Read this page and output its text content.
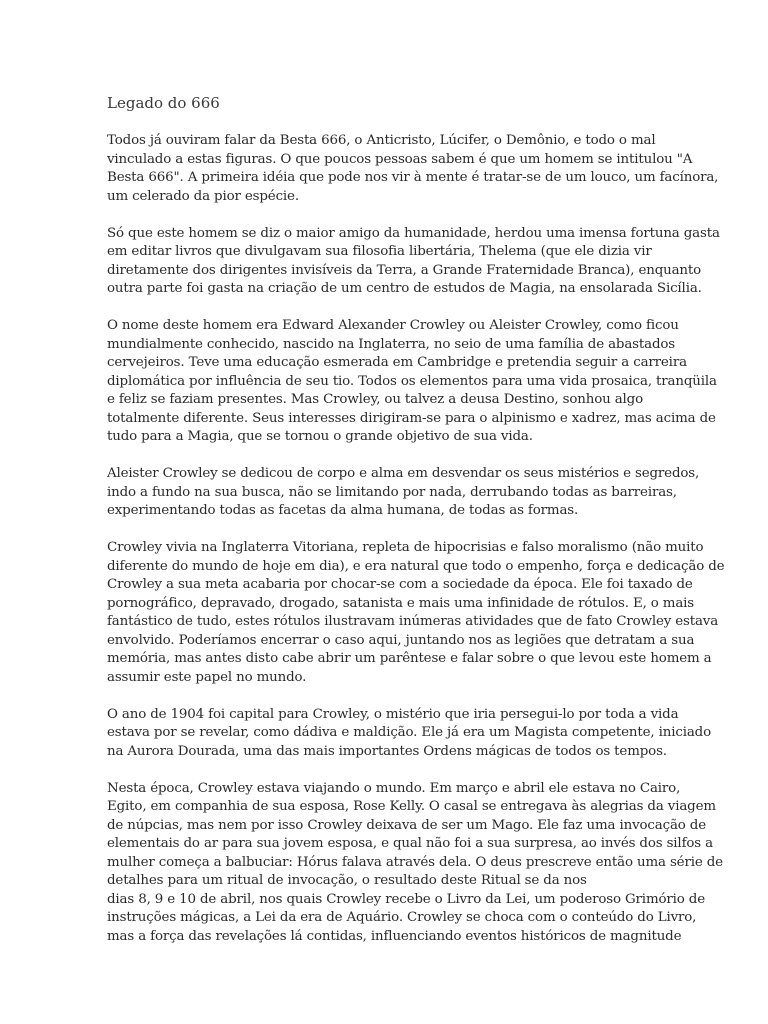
Legado do 666

Todos já ouviram falar da Besta 666, o Anticristo, Lúcifer, o Demônio, e todo o mal
vinculado a estas figuras. O que poucos pessoas sabem é que um homem se intitulou "A
Besta 666". A primeira idéia que pode nos vir à mente é tratar-se de um louco, um facínora,
um celerado da pior espécie.

Só que este homem se diz o maior amigo da humanidade, herdou uma imensa fortuna gasta
em editar livros que divulgavam sua filosofia libertária, Thelema (que ele dizia vir
diretamente dos dirigentes invisíveis da Terra, a Grande Fraternidade Branca), enquanto
outra parte foi gasta na criação de um centro de estudos de Magia, na ensolarada Sicília.

O nome deste homem era Edward Alexander Crowley ou Aleister Crowley, como ficou
mundialmente conhecido, nascido na Inglaterra, no seio de uma família de abastados
cervejeiros. Teve uma educação esmerada em Cambridge e pretendia seguir a carreira
diplomática por influência de seu tio. Todos os elementos para uma vida prosaica, tranqüila
e feliz se faziam presentes. Mas Crowley, ou talvez a deusa Destino, sonhou algo
totalmente diferente. Seus interesses dirigiram-se para o alpinismo e xadrez, mas acima de
tudo para a Magia, que se tornou o grande objetivo de sua vida.

Aleister Crowley se dedicou de corpo e alma em desvendar os seus mistérios e segredos,
indo a fundo na sua busca, não se limitando por nada, derrubando todas as barreiras,
experimentando todas as facetas da alma humana, de todas as formas.

Crowley vivia na Inglaterra Vitoriana, repleta de hipocrisias e falso moralismo (não muito
diferente do mundo de hoje em dia), e era natural que todo o empenho, força e dedicação de
Crowley a sua meta acabaria por chocar-se com a sociedade da época. Ele foi taxado de
pornográfico, depravado, drogado, satanista e mais uma infinidade de rótulos. E, o mais
fantástico de tudo, estes rótulos ilustravam inúmeras atividades que de fato Crowley estava
envolvido. Poderíamos encerrar o caso aqui, juntando nos as legiões que detratam a sua
memória, mas antes disto cabe abrir um parêntese e falar sobre o que levou este homem a
assumir este papel no mundo.

O ano de 1904 foi capital para Crowley, o mistério que iria persegui-lo por toda a vida
estava por se revelar, como dádiva e maldição. Ele já era um Magista competente, iniciado
na Aurora Dourada, uma das mais importantes Ordens mágicas de todos os tempos.

Nesta época, Crowley estava viajando o mundo. Em março e abril ele estava no Cairo,
Egito, em companhia de sua esposa, Rose Kelly. O casal se entregava às alegrias da viagem
de núpcias, mas nem por isso Crowley deixava de ser um Mago. Ele faz uma invocação de
elementais do ar para sua jovem esposa, e qual não foi a sua surpresa, ao invés dos silfos a
mulher começa a balbuciar: Hórus falava através dela. O deus prescreve então uma série de
detalhes para um ritual de invocação, o resultado deste Ritual se da nos
dias 8, 9 e 10 de abril, nos quais Crowley recebe o Livro da Lei, um poderoso Grimório de
instruções mágicas, a Lei da era de Aquário. Crowley se choca com o conteúdo do Livro,
mas a força das revelações lá contidas, influenciando eventos históricos de magnitude
